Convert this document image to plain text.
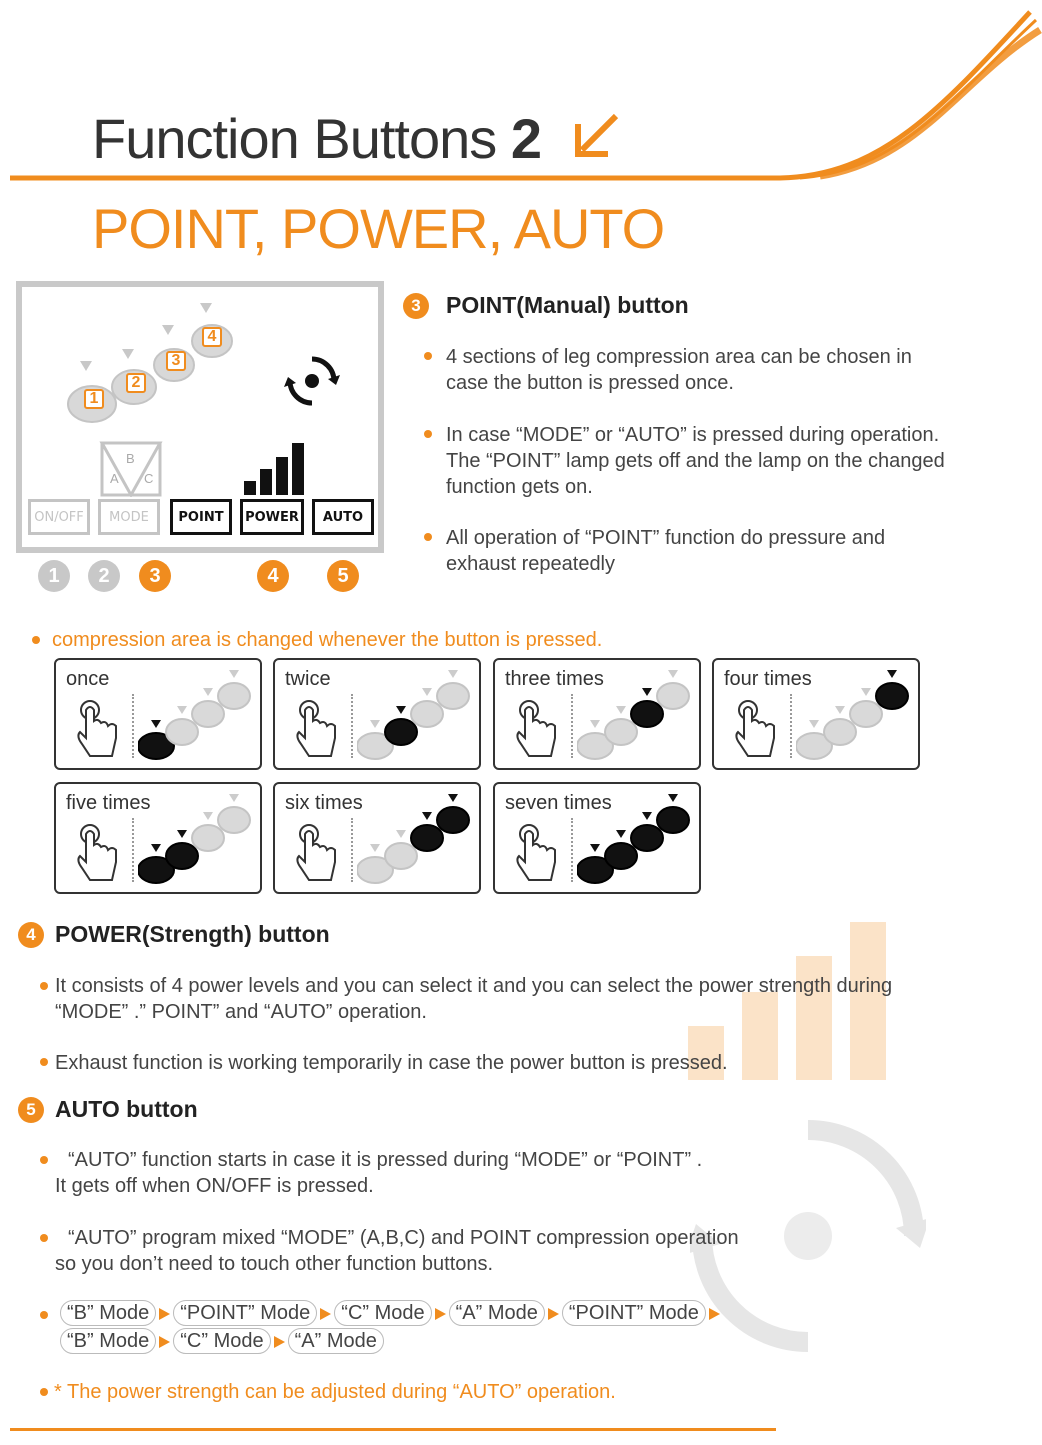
Function Buttons 2
POINT, POWER, AUTO
1
2
3
4
A
B
C
ON/OFF MODE POINT POWER AUTO
1 2 3	4	5
3 POINT(Manual) button
4 sections of leg compression area can be chosen in case the button is pressed once.
In case “MODE” or “AUTO” is pressed during operation. The “POINT” lamp gets off and the lamp on the changed function gets on.
All operation of “POINT” function do pressure and exhaust repeatedly
compression area is changed whenever the button is pressed.
once	twice	three times	four times
five times	six times	seven times
4 POWER(Strength) button
It consists of 4 power levels and you can select it and you can select the power strength during “MODE” .” POINT” and “AUTO” operation.
Exhaust function is working temporarily in case the power button is pressed.
5 AUTO button
“AUTO” function starts in case it is pressed during “MODE” or “POINT” .
It gets off when ON/OFF is pressed.
“AUTO” program mixed “MODE” (A,B,C) and POINT compression operation
so you don’t need to touch other function buttons.
“B” Mode “POINT” Mode “C” Mode “A” Mode “POINT” Mode
“B” Mode “C” Mode “A” Mode
* The power strength can be adjusted during “AUTO” operation.
